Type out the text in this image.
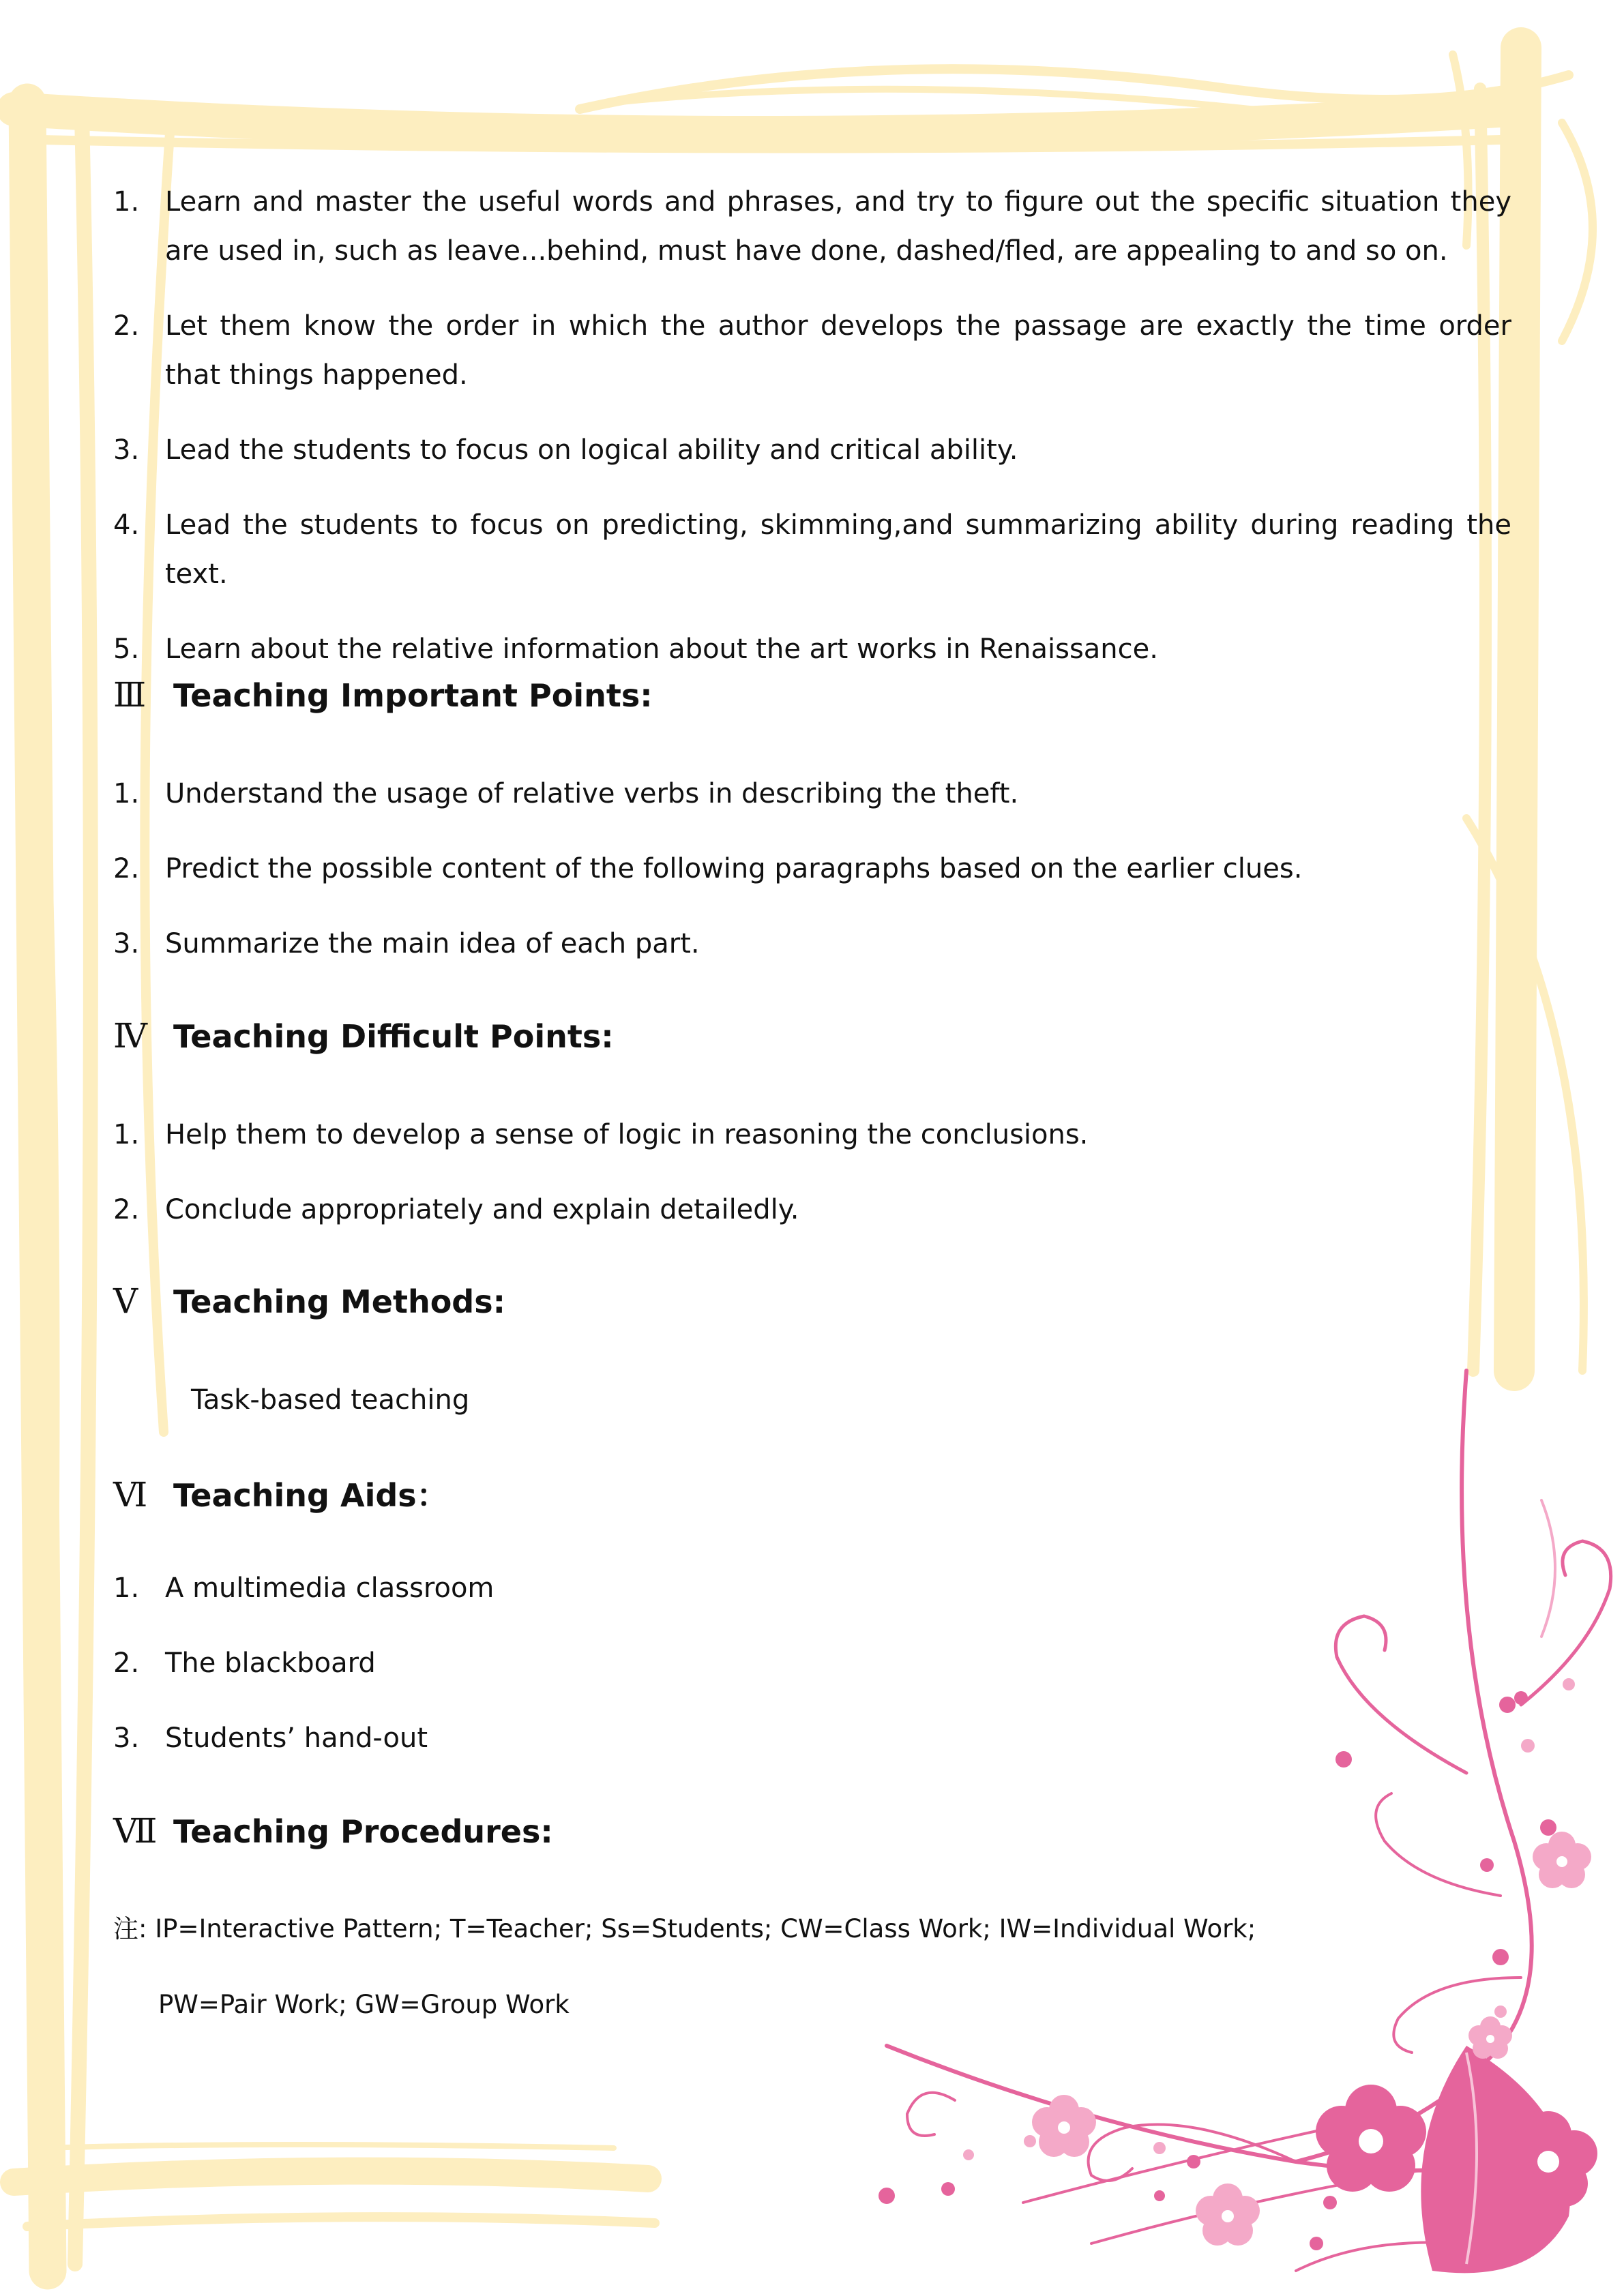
1. Learn and master the useful words and phrases, and try to figure out the specific situation they are used in, such as leave...behind, must have done, dashed/fled, are appealing to and so on.
2. Let them know the order in which the author develops the passage are exactly the time order that things happened.
3. Lead the students to focus on logical ability and critical ability.
4. Lead the students to focus on predicting, skimming,and summarizing ability during reading the text.
5. Learn about the relative information about the art works in Renaissance.
Ⅲ Teaching Important Points:
1. Understand the usage of relative verbs in describing the theft.
2. Predict the possible content of the following paragraphs based on the earlier clues.
3. Summarize the main idea of each part.
Ⅳ Teaching Difficult Points:
1. Help them to develop a sense of logic in reasoning the conclusions.
2. Conclude appropriately and explain detailedly.
Ⅴ	Teaching Methods:
Task-based teaching
Ⅵ Teaching Aids：
1. A multimedia classroom
2. The blackboard
3. Students’ hand-out
Ⅶ Teaching Procedures:
注: IP=Interactive Pattern; T=Teacher; Ss=Students; CW=Class Work; IW=Individual Work;
PW=Pair Work; GW=Group Work
